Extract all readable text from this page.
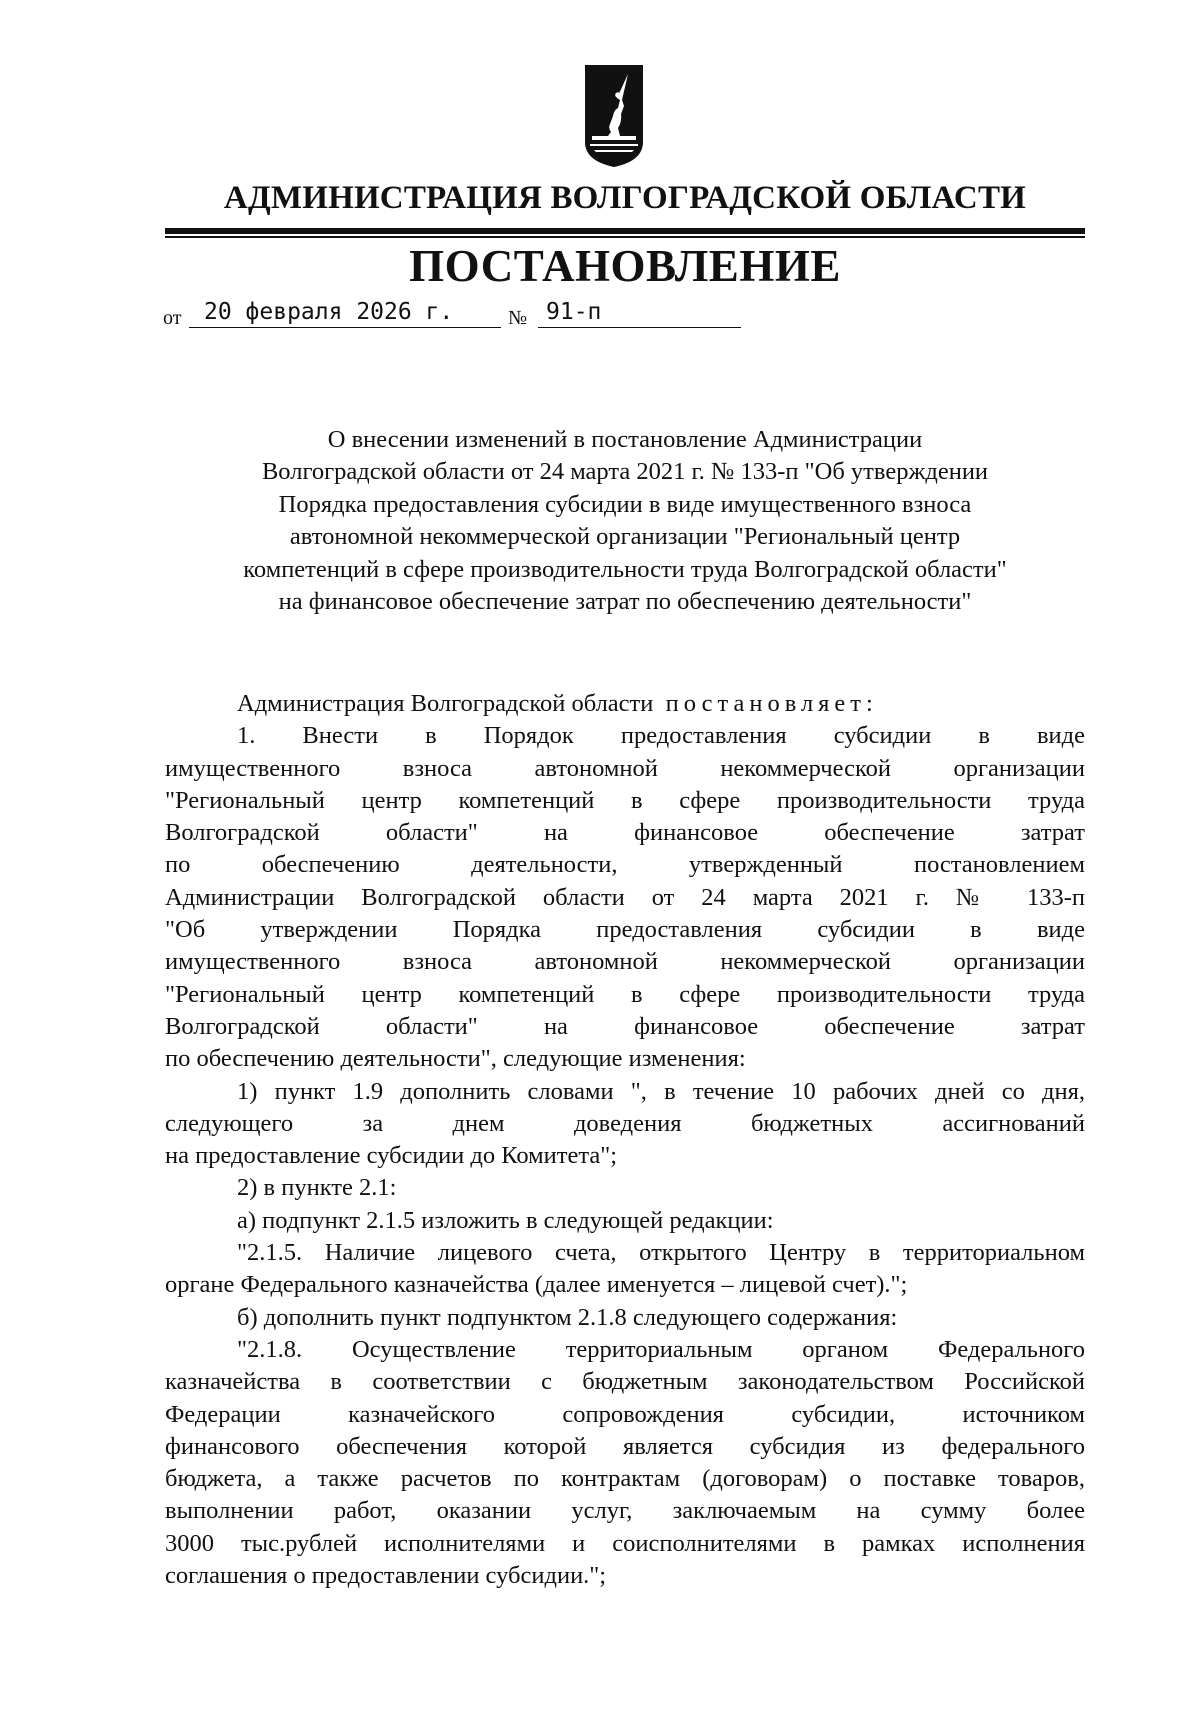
АДМИНИСТРАЦИЯ ВОЛГОГРАДСКОЙ ОБЛАСТИ
ПОСТАНОВЛЕНИЕ
от 20 февраля 2026 г.	№ 91-п
О внесении изменений в постановление Администрации
Волгоградской области от 24 марта 2021 г. № 133-п "Об утверждении
Порядка предоставления субсидии в виде имущественного взноса
автономной некоммерческой организации "Региональный центр
компетенций в сфере производительности труда Волгоградской области"
на финансовое обеспечение затрат по обеспечению деятельности"
Администрация Волгоградской области постановляет:
1. Внести в Порядок предоставления субсидии в виде
имущественного взноса автономной некоммерческой организации
"Региональный центр компетенций в сфере производительности труда
Волгоградской области" на финансовое обеспечение затрат
по обеспечению деятельности, утвержденный постановлением
Администрации Волгоградской области от 24 марта 2021 г. № 133-п
"Об утверждении Порядка предоставления субсидии в виде
имущественного взноса автономной некоммерческой организации
"Региональный центр компетенций в сфере производительности труда
Волгоградской области" на финансовое обеспечение затрат
по обеспечению деятельности", следующие изменения:
1) пункт 1.9 дополнить словами ", в течение 10 рабочих дней со дня,
следующего за днем доведения бюджетных ассигнований
на предоставление субсидии до Комитета";
2) в пункте 2.1:
а) подпункт 2.1.5 изложить в следующей редакции:
"2.1.5. Наличие лицевого счета, открытого Центру в территориальном
органе Федерального казначейства (далее именуется – лицевой счет).";
б) дополнить пункт подпунктом 2.1.8 следующего содержания:
"2.1.8. Осуществление территориальным органом Федерального
казначейства в соответствии с бюджетным законодательством Российской
Федерации казначейского сопровождения субсидии, источником
финансового обеспечения которой является субсидия из федерального
бюджета, а также расчетов по контрактам (договорам) о поставке товаров,
выполнении работ, оказании услуг, заключаемым на сумму более
3000 тыс.рублей исполнителями и соисполнителями в рамках исполнения
соглашения о предоставлении субсидии.";
